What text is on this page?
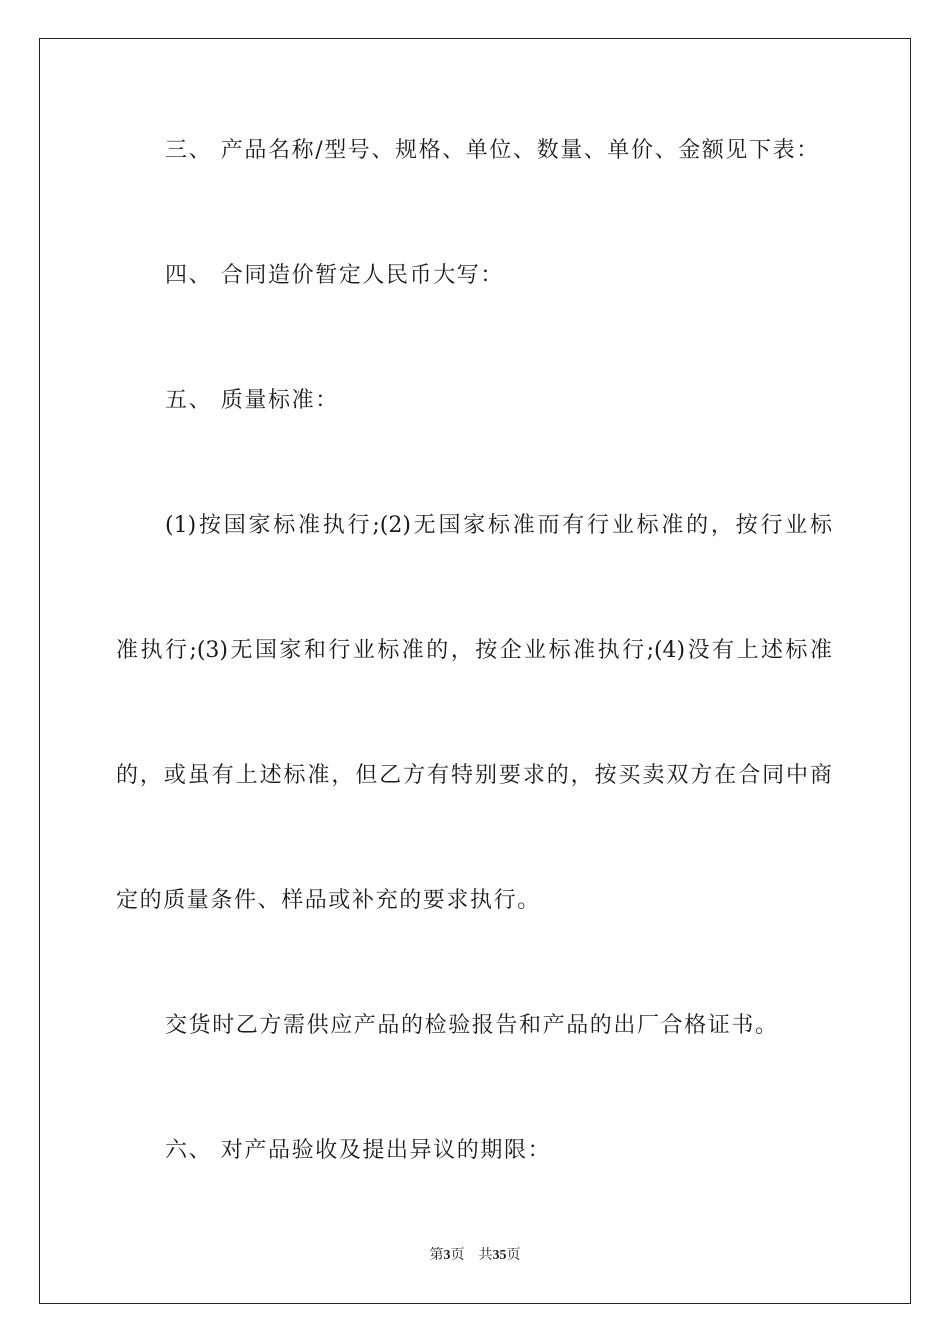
三、 产品名称/型号、规格、单位、数量、单价、金额见下表：
四、 合同造价暂定人民币大写：
五、 质量标准：
(1)按国家标准执行;(2)无国家标准而有行业标准的，按行业标
准执行;(3)无国家和行业标准的，按企业标准执行;(4)没有上述标准
的，或虽有上述标准，但乙方有特别要求的，按买卖双方在合同中商
定的质量条件、样品或补充的要求执行。
交货时乙方需供应产品的检验报告和产品的出厂合格证书。
六、 对产品验收及提出异议的期限：
第3页 共35页
